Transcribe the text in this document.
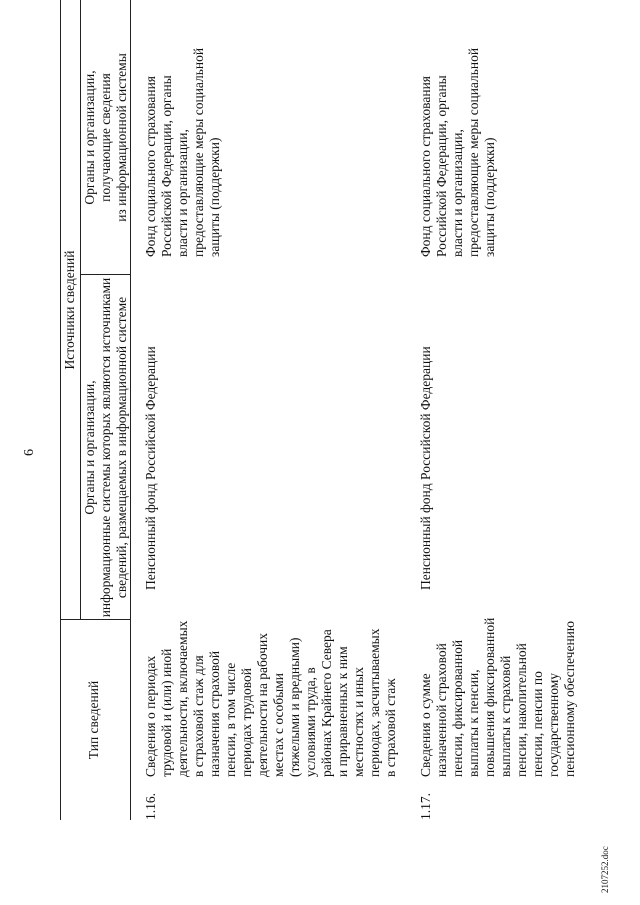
6
Тип сведений
Источники сведений
Органы и организации,
информационные системы которых являются источниками
сведений, размещаемых в информационной системе
Органы и организации,
получающие сведения
из информационной системы
1.16.
Сведения о периодах
трудовой и (или) иной
деятельности, включаемых
в страховой стаж для
назначения страховой
пенсии, в том числе
периодах трудовой
деятельности на рабочих
местах с особыми
(тяжелыми и вредными)
условиями труда, в
районах Крайнего Севера
и приравненных к ним
местностях и иных
периодах, засчитываемых
в страховой стаж
Пенсионный фонд Российской Федерации
Фонд социального страхования
Российской Федерации, органы
власти и организации,
предоставляющие меры социальной
защиты (поддержки)
1.17.
Сведения о сумме
назначенной страховой
пенсии, фиксированной
выплаты к пенсии,
повышения фиксированной
выплаты к страховой
пенсии, накопительной
пенсии, пенсии по
государственному
пенсионному обеспечению
Пенсионный фонд Российской Федерации
Фонд социального страхования
Российской Федерации, органы
власти и организации,
предоставляющие меры социальной
защиты (поддержки)
2107252.doc
